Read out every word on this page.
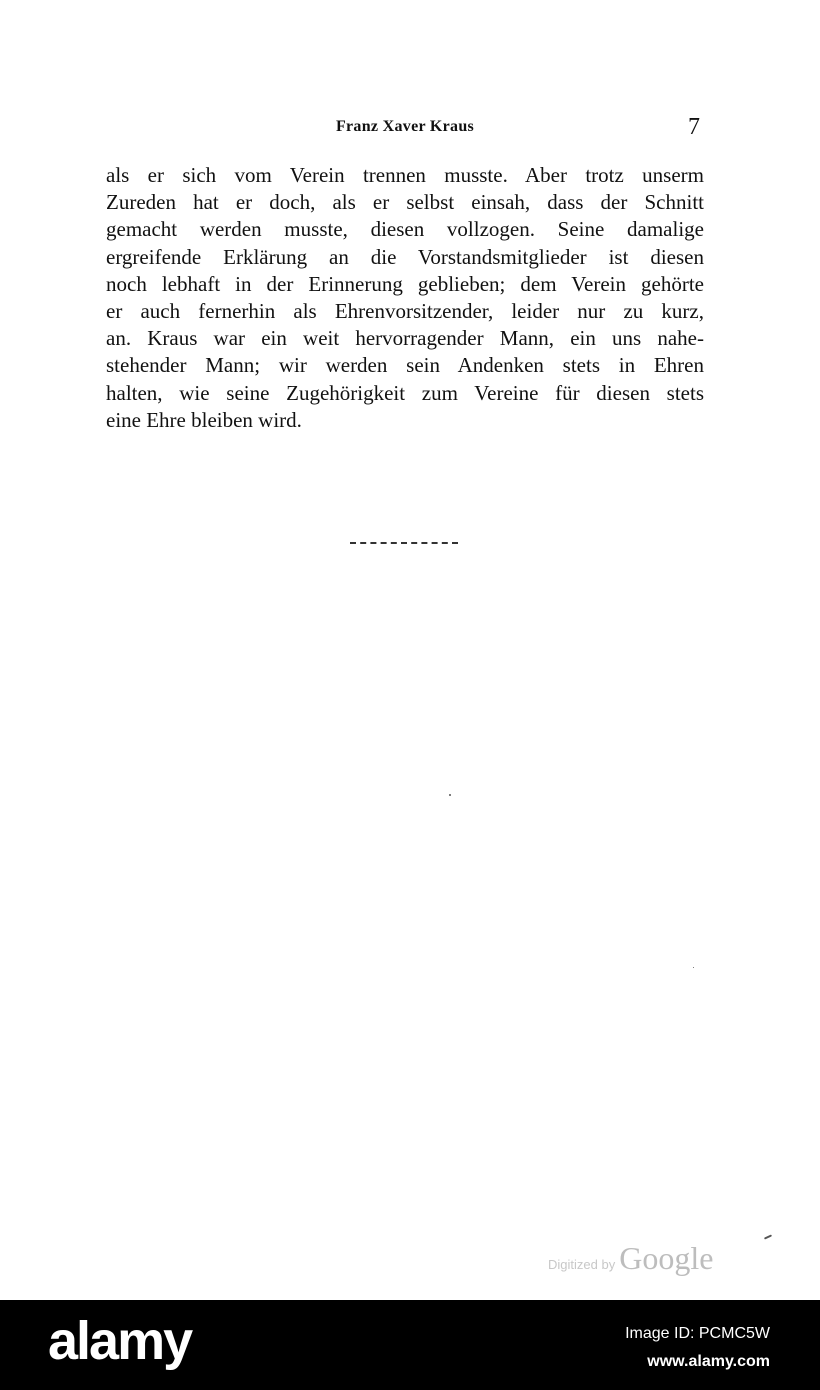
Franz Xaver Kraus	7

als er sich vom Verein trennen musste. Aber trotz unserm
Zureden hat er doch, als er selbst einsah, dass der Schnitt
gemacht werden musste, diesen vollzogen. Seine damalige
ergreifende Erklärung an die Vorstandsmitglieder ist diesen
noch lebhaft in der Erinnerung geblieben; dem Verein gehörte
er auch fernerhin als Ehrenvorsitzender, leider nur zu kurz,
an. Kraus war ein weit hervorragender Mann, ein uns nahe-
stehender Mann; wir werden sein Andenken stets in Ehren
halten, wie seine Zugehörigkeit zum Vereine für diesen stets
eine Ehre bleiben wird.

Digitized by Google
alamy	Image ID: PCMC5W
www.alamy.com
